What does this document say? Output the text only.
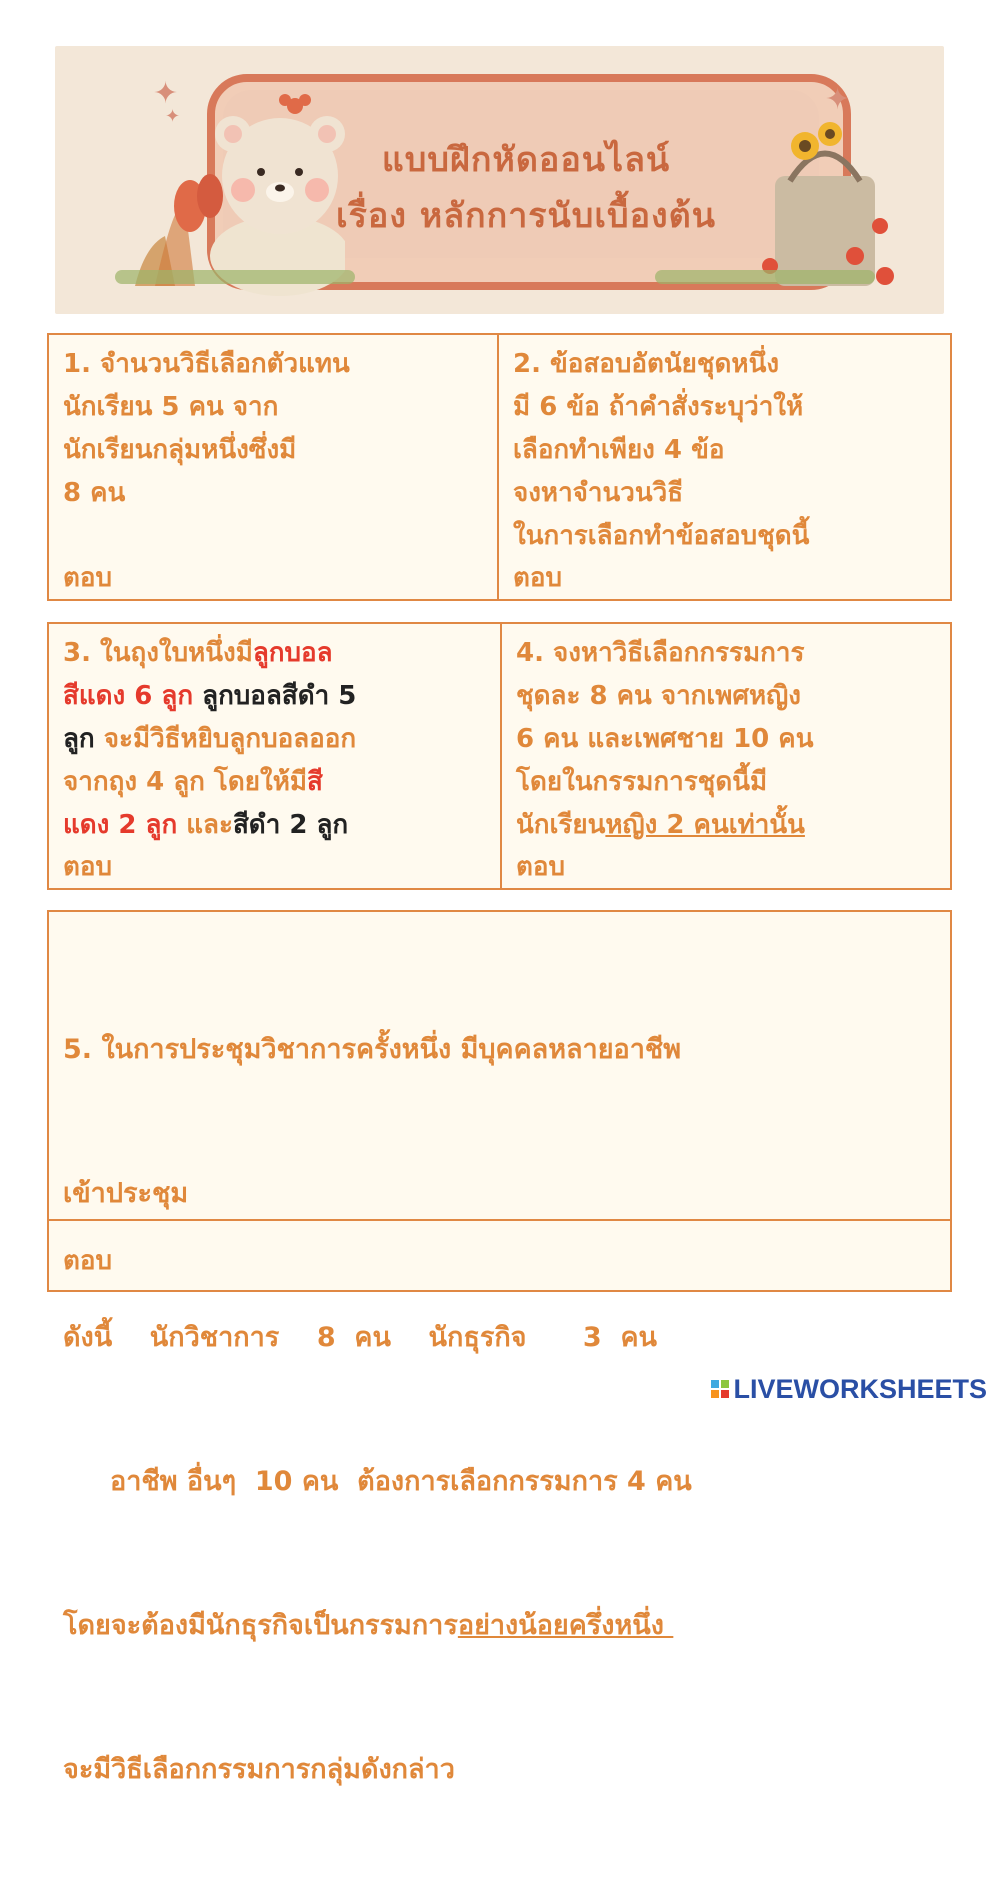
✦
✦	✦
แบบฝึกหัดออนไลน์
เรื่อง หลักการนับเบื้องต้น
1. จำนวนวิธีเลือกตัวแทน
นักเรียน 5 คน จาก
นักเรียนกลุ่มหนึ่งซึ่งมี
8 คน
ตอบ
2. ข้อสอบอัตนัยชุดหนึ่ง
มี 6 ข้อ ถ้าคำสั่งระบุว่าให้
เลือกทำเพียง 4 ข้อ
จงหาจำนวนวิธี
ในการเลือกทำข้อสอบชุดนี้
ตอบ
3. ในถุงใบหนึ่งมีลูกบอล
สีแดง 6 ลูก ลูกบอลสีดำ 5
ลูก จะมีวิธีหยิบลูกบอลออก
จากถุง 4 ลูก โดยให้มีสี
แดง 2 ลูก และสีดำ 2 ลูก
ตอบ
4. จงหาวิธีเลือกกรรมการ
ชุดละ 8 คน จากเพศหญิง
6 คน และเพศชาย 10 คน
โดยในกรรมการชุดนี้มี
นักเรียนหญิง 2 คนเท่านั้น
ตอบ

5. ในการประชุมวิชาการครั้งหนึ่ง มีบุคคลหลายอาชีพ

เข้าประชุม

ดังนี้    นักวิชาการ    8  คน    นักธุรกิจ      3  คน

อาชีพ อื่นๆ  10 คน  ต้องการเลือกกรรมการ 4 คน

โดยจะต้องมีนักธุรกิจเป็นกรรมการอย่างน้อยครึ่งหนึ่ง

จะมีวิธีเลือกกรรมการกลุ่มดังกล่าว

ตอบ
LIVEWORKSHEETS
